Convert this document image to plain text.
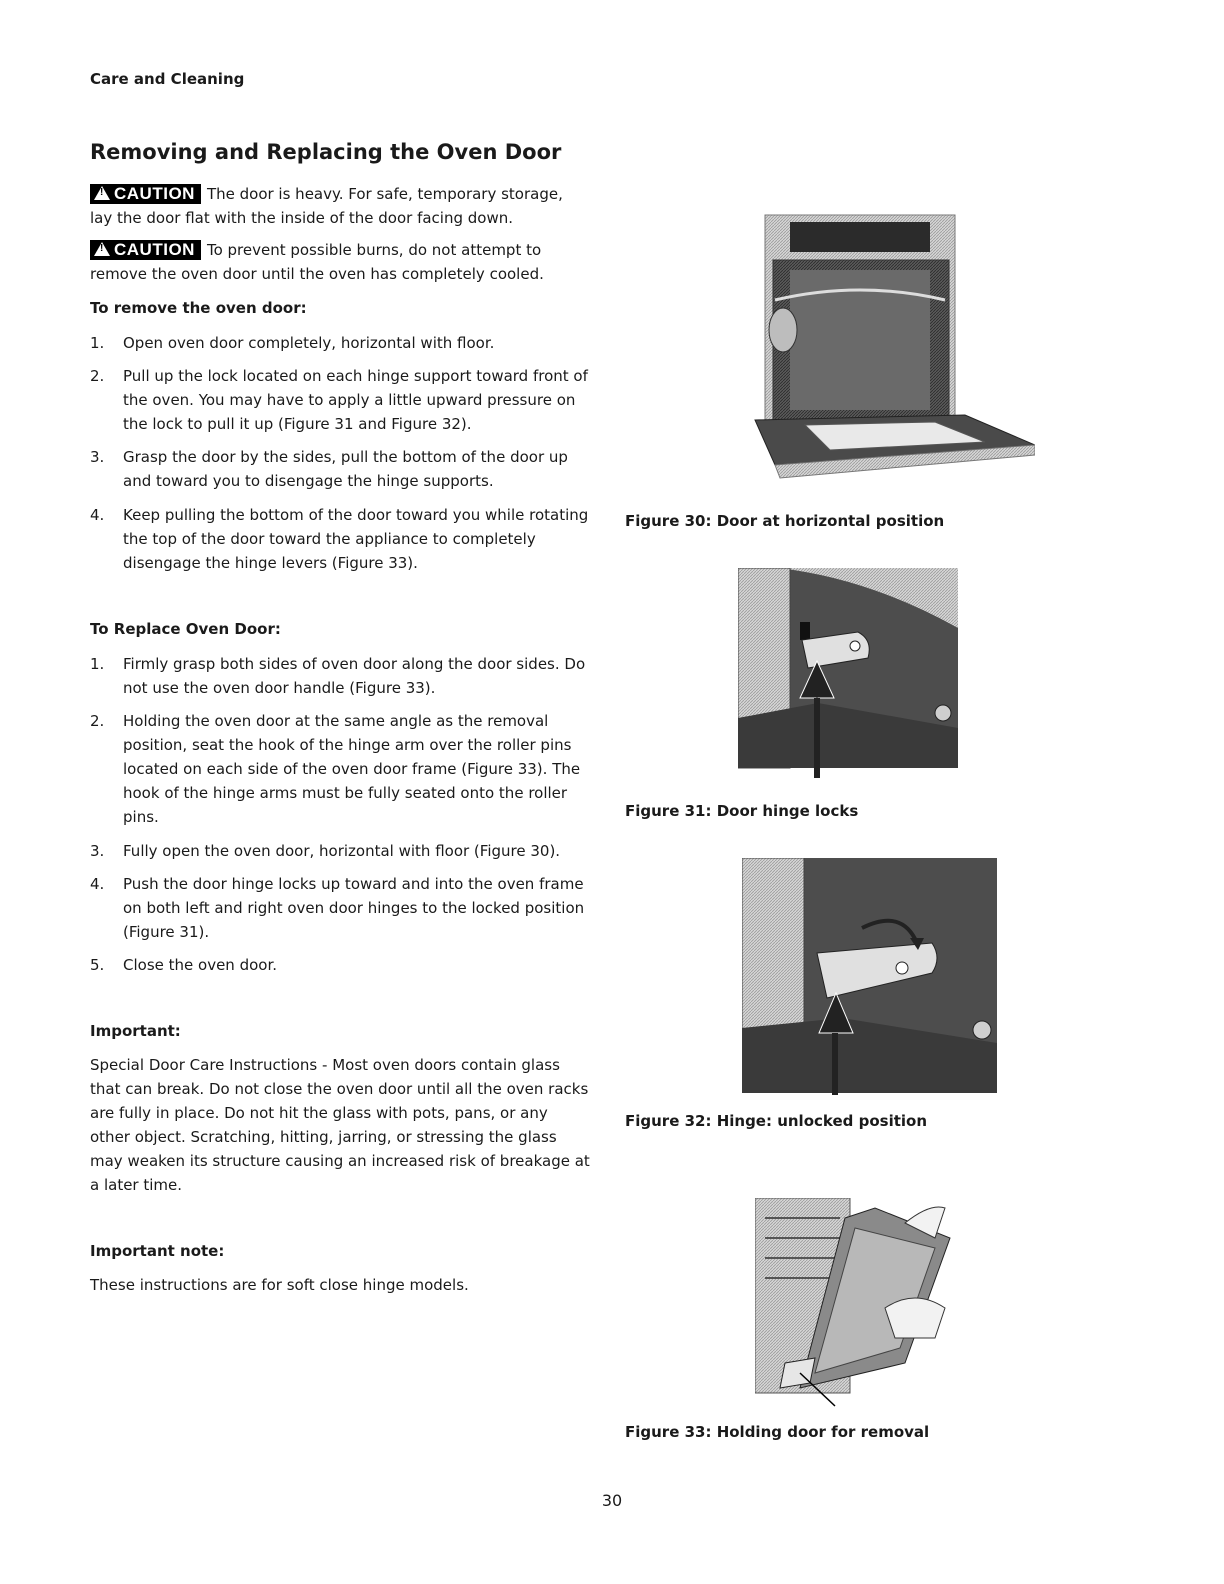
Care and Cleaning
Removing and Replacing the Oven Door

!CAUTION The door is heavy. For safe, temporary storage,
lay the door flat with the inside of the door facing down.

!CAUTION To prevent possible burns, do not attempt to
remove the oven door until the oven has completely cooled.

To remove the oven door:
1. Open oven door completely, horizontal with floor.
2. Pull up the lock located on each hinge support toward front of the oven. You may have to apply a little upward pressure on the lock to pull it up (Figure 31 and Figure 32).
3. Grasp the door by the sides, pull the bottom of the door up and toward you to disengage the hinge supports.
4. Keep pulling the bottom of the door toward you while rotating the top of the door toward the appliance to completely disengage the hinge levers (Figure 33).
To Replace Oven Door:
1. Firmly grasp both sides of oven door along the door sides. Do not use the oven door handle (Figure 33).
2. Holding the oven door at the same angle as the removal position, seat the hook of the hinge arm over the roller pins located on each side of the oven door frame (Figure 33). The hook of the hinge arms must be fully seated onto the roller pins.
3. Fully open the oven door, horizontal with floor (Figure 30).
4. Push the door hinge locks up toward and into the oven frame on both left and right oven door hinges to the locked position (Figure 31).
5. Close the oven door.
Important:

Special Door Care Instructions - Most oven doors contain glass that can break. Do not close the oven door until all the oven racks are fully in place. Do not hit the glass with pots, pans, or any other object. Scratching, hitting, jarring, or stressing the glass may weaken its structure causing an increased risk of breakage at a later time.

Important note:

These instructions are for soft close hinge models.

Figure 30: Door at horizontal position
Figure 31: Door hinge locks
Figure 32: Hinge: unlocked position
Figure 33: Holding door for removal
30
